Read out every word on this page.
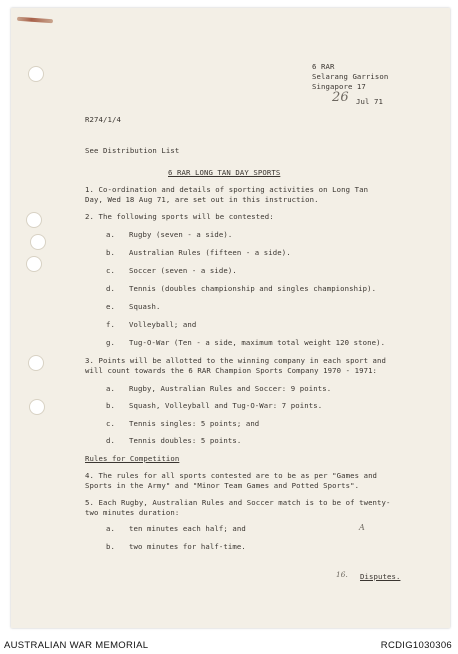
6 RAR
Selarang Garrison
Singapore 17
26 Jul 71
R274/1/4
See Distribution List
6 RAR LONG TAN DAY SPORTS
1. Co-ordination and details of sporting activities on Long Tan
Day, Wed 18 Aug 71, are set out in this instruction.
2. The following sports will be contested:
a. Rugby (seven - a side).
b. Australian Rules (fifteen - a side).
c. Soccer (seven - a side).
d. Tennis (doubles championship and singles championship).
e. Squash.
f. Volleyball; and
g. Tug-O-War (Ten - a side, maximum total weight 120 stone).
3. Points will be allotted to the winning company in each sport and
will count towards the 6 RAR Champion Sports Company 1970 - 1971:
a. Rugby, Australian Rules and Soccer: 9 points.
b. Squash, Volleyball and Tug-O-War: 7 points.
c. Tennis singles: 5 points; and
d. Tennis doubles: 5 points.
Rules for Competition
4. The rules for all sports contested are to be as per "Games and
Sports in the Army" and "Minor Team Games and Potted Sports".
5. Each Rugby, Australian Rules and Soccer match is to be of twenty-
two minutes duration:
a. ten minutes each half; and
b. two minutes for half-time.
A
16. Disputes.
AUSTRALIAN WAR MEMORIAL	RCDIG1030306
